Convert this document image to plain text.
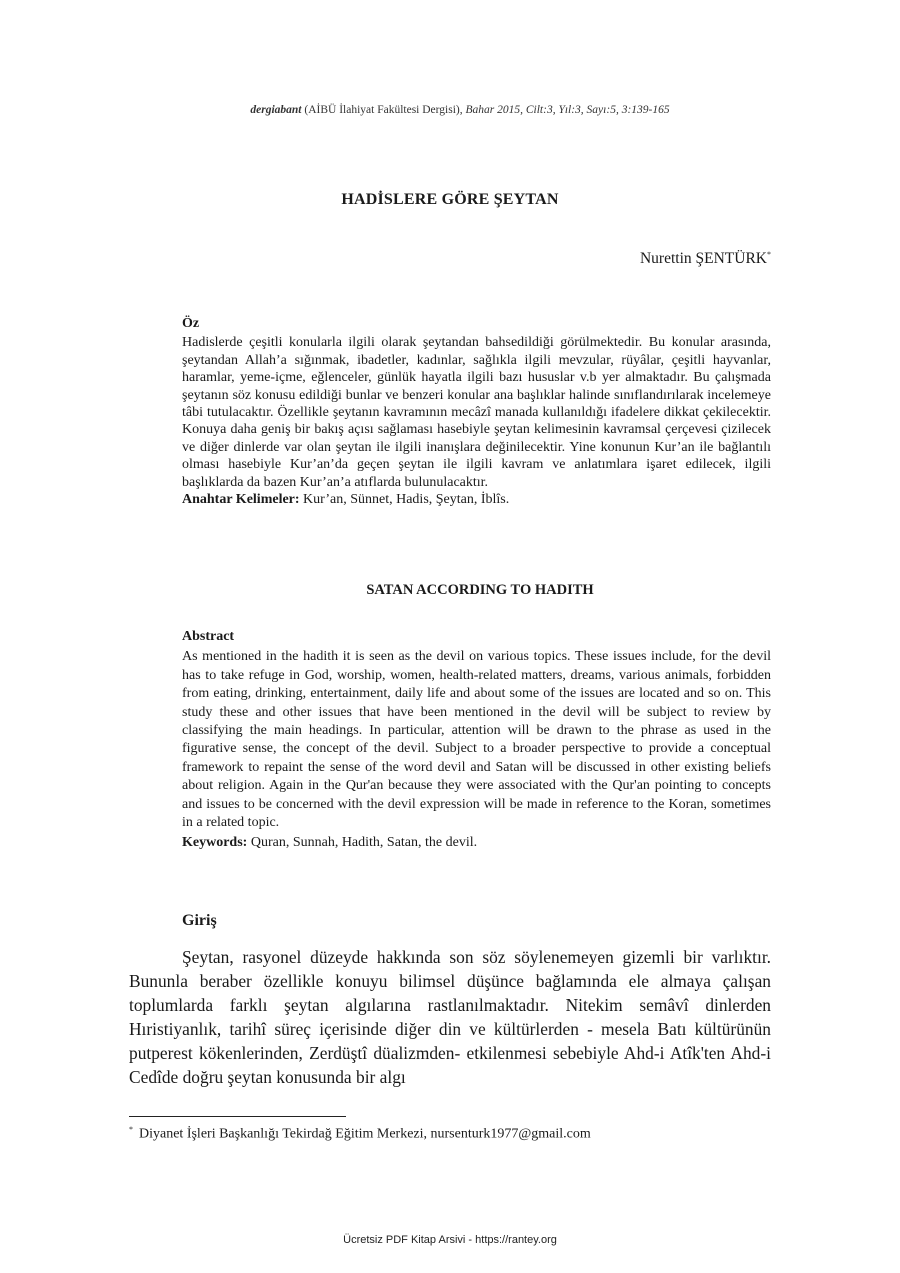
dergiabant (AİBÜ İlahiyat Fakültesi Dergisi), Bahar 2015, Cilt:3, Yıl:3, Sayı:5, 3:139-165
HADİSLERE GÖRE ŞEYTAN
Nurettin ŞENTÜRK*
Öz
Hadislerde çeşitli konularla ilgili olarak şeytandan bahsedildiği görülmektedir. Bu konular arasında, şeytandan Allah’a sığınmak, ibadetler, kadınlar, sağlıkla ilgili mevzular, rüyâlar, çeşitli hayvanlar, haramlar, yeme-içme, eğlenceler, günlük hayatla ilgili bazı hususlar v.b yer almaktadır. Bu çalışmada şeytanın söz konusu edildiği bunlar ve benzeri konular ana başlıklar halinde sınıflandırılarak incelemeye tâbi tutulacaktır. Özellikle şeytanın kavramının mecâzî manada kullanıldığı ifadelere dikkat çekilecektir. Konuya daha geniş bir bakış açısı sağlaması hasebiyle şeytan kelimesinin kavramsal çerçevesi çizilecek ve diğer dinlerde var olan şeytan ile ilgili inanışlara değinilecektir. Yine konunun Kur’an ile bağlantılı olması hasebiyle Kur’an’da geçen şeytan ile ilgili kavram ve anlatımlara işaret edilecek, ilgili başlıklarda da bazen Kur’an’a atıflarda bulunulacaktır.
Anahtar Kelimeler: Kur’an, Sünnet, Hadis, Şeytan, İblîs.
SATAN ACCORDING TO HADITH
Abstract
As mentioned in the hadith it is seen as the devil on various topics. These issues include, for the devil has to take refuge in God, worship, women, health-related matters, dreams, various animals, forbidden from eating, drinking, entertainment, daily life and about some of the issues are located and so on. This study these and other issues that have been mentioned in the devil will be subject to review by classifying the main headings. In particular, attention will be drawn to the phrase as used in the figurative sense, the concept of the devil. Subject to a broader perspective to provide a conceptual framework to repaint the sense of the word devil and Satan will be discussed in other existing beliefs about religion. Again in the Qur'an because they were associated with the Qur'an pointing to concepts and issues to be concerned with the devil expression will be made in reference to the Koran, sometimes in a related topic.
Keywords: Quran, Sunnah, Hadith, Satan, the devil.
Giriş

Şeytan, rasyonel düzeyde hakkında son söz söylenemeyen gizemli bir varlıktır. Bununla beraber özellikle konuyu bilimsel düşünce bağlamında ele almaya çalışan toplumlarda farklı şeytan algılarına rastlanılmaktadır. Nitekim semâvî dinlerden Hıristiyanlık, tarihî süreç içerisinde diğer din ve kültürlerden - mesela Batı kültürünün putperest kökenlerinden, Zerdüştî düalizmden- etkilenmesi sebebiyle Ahd-i Atîk'ten Ahd-i Cedîde doğru şeytan konusunda bir algı

* Diyanet İşleri Başkanlığı Tekirdağ Eğitim Merkezi, nursenturk1977@gmail.com
Ücretsiz PDF Kitap Arsivi - https://rantey.org
